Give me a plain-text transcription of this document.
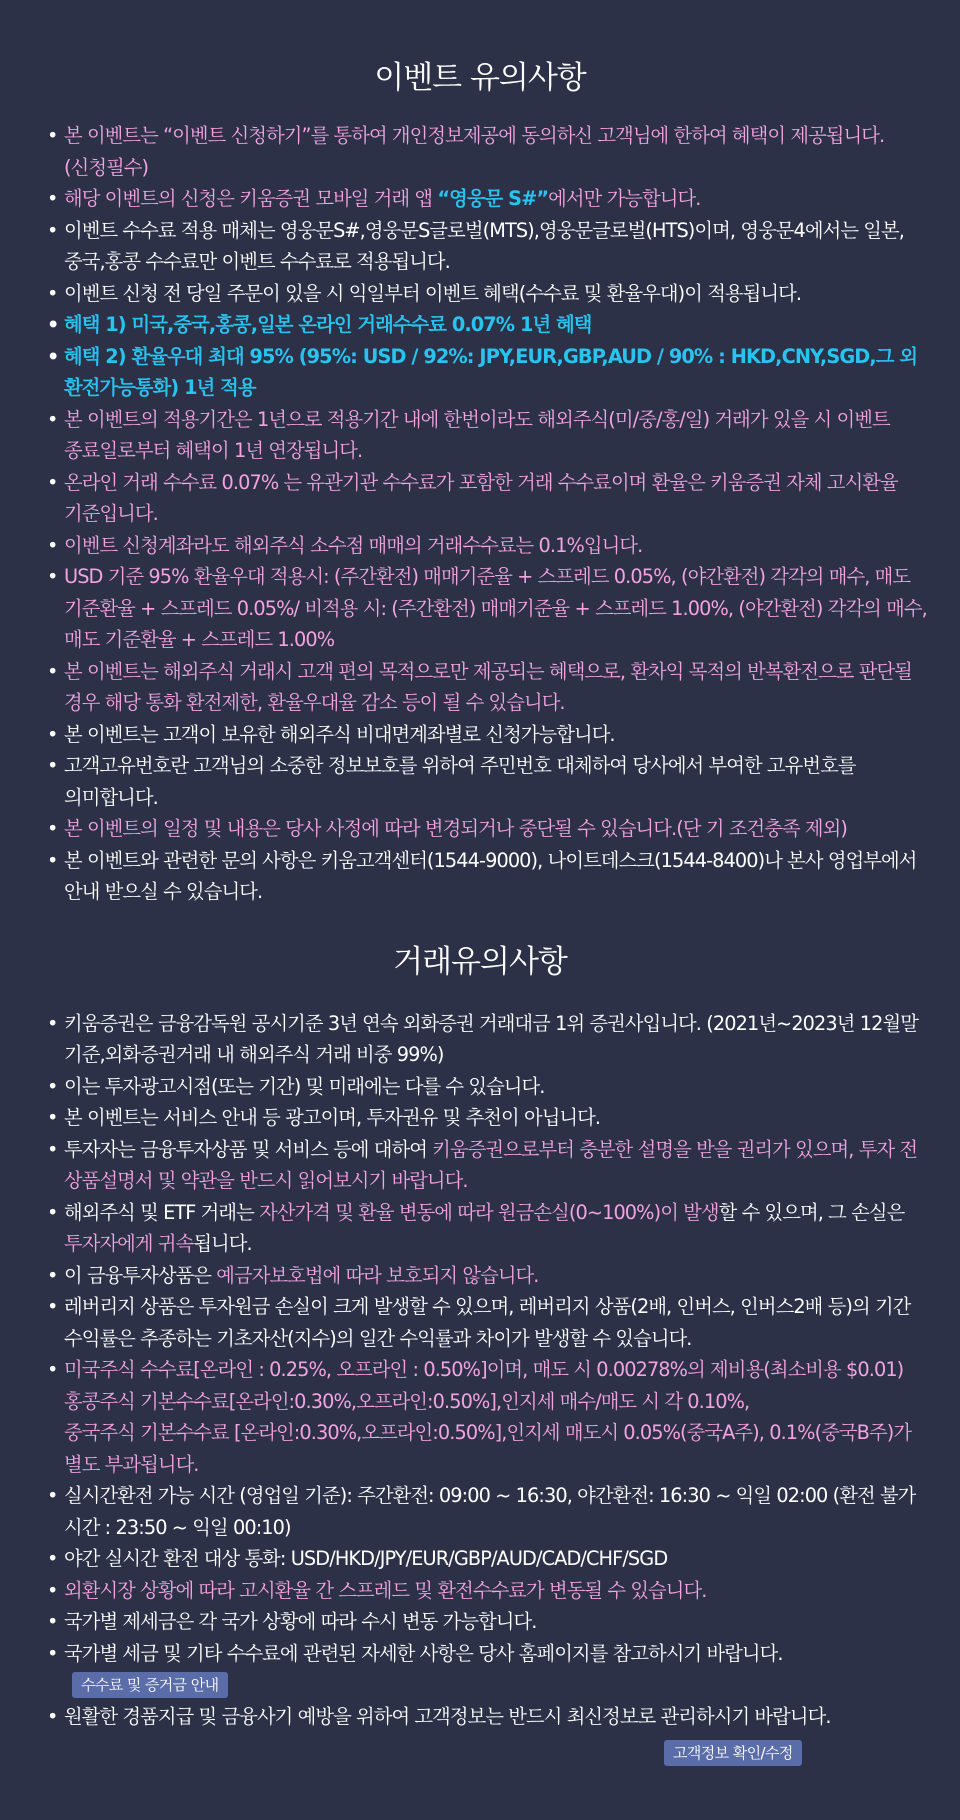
이벤트 유의사항
• 본 이벤트는 “이벤트 신청하기”를 통하여 개인정보제공에 동의하신 고객님에 한하여 혜택이 제공됩니다.(신청필수)
• 해당 이벤트의 신청은 키움증권 모바일 거래 앱 “영웅문 S#”에서만 가능합니다.
• 이벤트 수수료 적용 매체는 영웅문S#,영웅문S글로벌(MTS),영웅문글로벌(HTS)이며, 영웅문4에서는 일본,중국,홍콩 수수료만 이벤트 수수료로 적용됩니다.
• 이벤트 신청 전 당일 주문이 있을 시 익일부터 이벤트 혜택(수수료 및 환율우대)이 적용됩니다.
• 혜택 1) 미국,중국,홍콩,일본 온라인 거래수수료 0.07% 1년 혜택
• 혜택 2) 환율우대 최대 95% (95%: USD / 92%: JPY,EUR,GBP,AUD / 90% : HKD,CNY,SGD,그 외 환전가능통화) 1년 적용
• 본 이벤트의 적용기간은 1년으로 적용기간 내에 한번이라도 해외주식(미/중/홍/일) 거래가 있을 시 이벤트 종료일로부터 혜택이 1년 연장됩니다.
• 온라인 거래 수수료 0.07% 는 유관기관 수수료가 포함한 거래 수수료이며 환율은 키움증권 자체 고시환율 기준입니다.
• 이벤트 신청계좌라도 해외주식 소수점 매매의 거래수수료는 0.1%입니다.
• USD 기준 95% 환율우대 적용시: (주간환전) 매매기준율 + 스프레드 0.05%, (야간환전) 각각의 매수, 매도 기준환율 + 스프레드 0.05%/ 비적용 시: (주간환전) 매매기준율 + 스프레드 1.00%, (야간환전) 각각의 매수, 매도 기준환율 + 스프레드 1.00%
• 본 이벤트는 해외주식 거래시 고객 편의 목적으로만 제공되는 혜택으로, 환차익 목적의 반복환전으로 판단될 경우 해당 통화 환전제한, 환율우대율 감소 등이 될 수 있습니다.
• 본 이벤트는 고객이 보유한 해외주식 비대면계좌별로 신청가능합니다.
• 고객고유번호란 고객님의 소중한 정보보호를 위하여 주민번호 대체하여 당사에서 부여한 고유번호를 의미합니다.
• 본 이벤트의 일정 및 내용은 당사 사정에 따라 변경되거나 중단될 수 있습니다.(단 기 조건충족 제외)
• 본 이벤트와 관련한 문의 사항은 키움고객센터(1544-9000), 나이트데스크(1544-8400)나 본사 영업부에서 안내 받으실 수 있습니다.
거래유의사항
• 키움증권은 금융감독원 공시기준 3년 연속 외화증권 거래대금 1위 증권사입니다. (2021년~2023년 12월말 기준,외화증권거래 내 해외주식 거래 비중 99%)
• 이는 투자광고시점(또는 기간) 및 미래에는 다를 수 있습니다.
• 본 이벤트는 서비스 안내 등 광고이며, 투자권유 및 추천이 아닙니다.
• 투자자는 금융투자상품 및 서비스 등에 대하여 키움증권으로부터 충분한 설명을 받을 권리가 있으며, 투자 전 상품설명서 및 약관을 반드시 읽어보시기 바랍니다.
• 해외주식 및 ETF 거래는 자산가격 및 환율 변동에 따라 원금손실(0~100%)이 발생할 수 있으며, 그 손실은 투자자에게 귀속됩니다.
• 이 금융투자상품은 예금자보호법에 따라 보호되지 않습니다.
• 레버리지 상품은 투자원금 손실이 크게 발생할 수 있으며, 레버리지 상품(2배, 인버스, 인버스2배 등)의 기간 수익률은 추종하는 기초자산(지수)의 일간 수익률과 차이가 발생할 수 있습니다.
• 미국주식 수수료[온라인 : 0.25%, 오프라인 : 0.50%]이며, 매도 시 0.00278%의 제비용(최소비용 $0.01)
홍콩주식 기본수수료[온라인:0.30%,오프라인:0.50%],인지세 매수/매도 시 각 0.10%,
중국주식 기본수수료 [온라인:0.30%,오프라인:0.50%],인지세 매도시 0.05%(중국A주), 0.1%(중국B주)가 별도 부과됩니다.
• 실시간환전 가능 시간 (영업일 기준): 주간환전: 09:00 ~ 16:30, 야간환전: 16:30 ~ 익일 02:00 (환전 불가 시간 : 23:50 ~ 익일 00:10)
• 야간 실시간 환전 대상 통화: USD/HKD/JPY/EUR/GBP/AUD/CAD/CHF/SGD
• 외환시장 상황에 따라 고시환율 간 스프레드 및 환전수수료가 변동될 수 있습니다.
• 국가별 제세금은 각 국가 상황에 따라 수시 변동 가능합니다.
• 국가별 세금 및 기타 수수료에 관련된 자세한 사항은 당사 홈페이지를 참고하시기 바랍니다.수수료 및 증거금 안내
• 원활한 경품지급 및 금융사기 예방을 위하여 고객정보는 반드시 최신정보로 관리하시기 바랍니다.
고객정보 확인/수정
